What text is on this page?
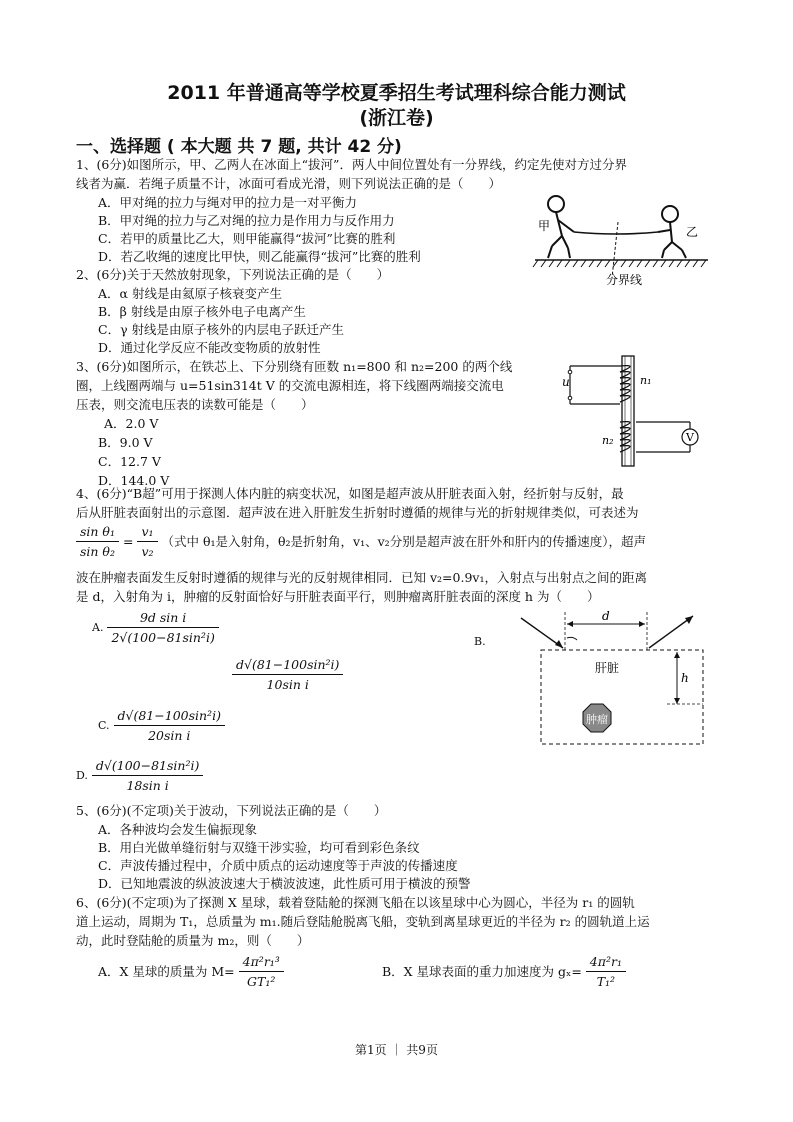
2011 年普通高等学校夏季招生考试理科综合能力测试
(浙江卷)
一、选择题 ( 本大题 共 7 题, 共计 42 分)
1、(6分)如图所示，甲、乙两人在冰面上“拔河”．两人中间位置处有一分界线，约定先使对方过分界
线者为赢．若绳子质量不计，冰面可看成光滑，则下列说法正确的是（　　）
A．甲对绳的拉力与绳对甲的拉力是一对平衡力
B．甲对绳的拉力与乙对绳的拉力是作用力与反作用力
C．若甲的质量比乙大，则甲能赢得“拔河”比赛的胜利
D．若乙收绳的速度比甲快，则乙能赢得“拔河”比赛的胜利
甲	乙
分界线
2、(6分)关于天然放射现象，下列说法正确的是（　　）
A．α 射线是由氦原子核衰变产生
B．β 射线是由原子核外电子电离产生
C．γ 射线是由原子核外的内层电子跃迁产生
D．通过化学反应不能改变物质的放射性
3、(6分)如图所示，在铁芯上、下分别绕有匝数 n₁=800 和 n₂=200 的两个线
圈，上线圈两端与 u=51sin314t V 的交流电源相连，将下线圈两端接交流电
压表，则交流电压表的读数可能是（　　）
A．2.0 V
B．9.0 V
C．12.7 V
D．144.0 V
u	n₁
V
n₂
4、(6分)“B超”可用于探测人体内脏的病变状况，如图是超声波从肝脏表面入射，经折射与反射，最
后从肝脏表面射出的示意图．超声波在进入肝脏发生折射时遵循的规律与光的折射规律类似，可表述为
$\frac{\text{sin θ₁}}{\text{sin θ₂}} = \frac{\text{v₁}}{\text{v₂}}$ （式中 θ₁是入射角，θ₂是折射角，v₁、v₂分别是超声波在肝外和肝内的传播速度），超声
波在肿瘤表面发生反射时遵循的规律与光的反射规律相同．已知 v₂=0.9v₁，入射点与出射点之间的距离
是 d，入射角为 i，肿瘤的反射面恰好与肝脏表面平行，则肿瘤离肝脏表面的深度 h 为（　　）
A. $\frac{\text{9d sin i}}{\text{2√(100−81sin²i)}}$	B.
$\frac{\text{d√(81−100sin²i)}}{\text{10sin i}}$
C. $\frac{\text{d√(81−100sin²i)}}{\text{20sin i}}$
D. $\frac{\text{d√(100−81sin²i)}}{\text{18sin i}}$
d
h
肝脏
肿瘤
5、(6分)(不定项)关于波动，下列说法正确的是（　　）
A．各种波均会发生偏振现象
B．用白光做单缝衍射与双缝干涉实验，均可看到彩色条纹
C．声波传播过程中，介质中质点的运动速度等于声波的传播速度
D．已知地震波的纵波波速大于横波波速，此性质可用于横波的预警
6、(6分)(不定项)为了探测 X 星球，载着登陆舱的探测飞船在以该星球中心为圆心，半径为 r₁ 的圆轨
道上运动，周期为 T₁，总质量为 m₁.随后登陆舱脱离飞船，变轨到离星球更近的半径为 r₂ 的圆轨道上运
动，此时登陆舱的质量为 m₂，则（　　）
A．X 星球的质量为 $M= \frac{\text{4π²r₁³}}{\text{GT₁²}}$	B．X 星球表面的重力加速度为 $g_x= \frac{\text{4π²r₁}}{\text{T₁²}}$
第1页 ｜ 共9页
